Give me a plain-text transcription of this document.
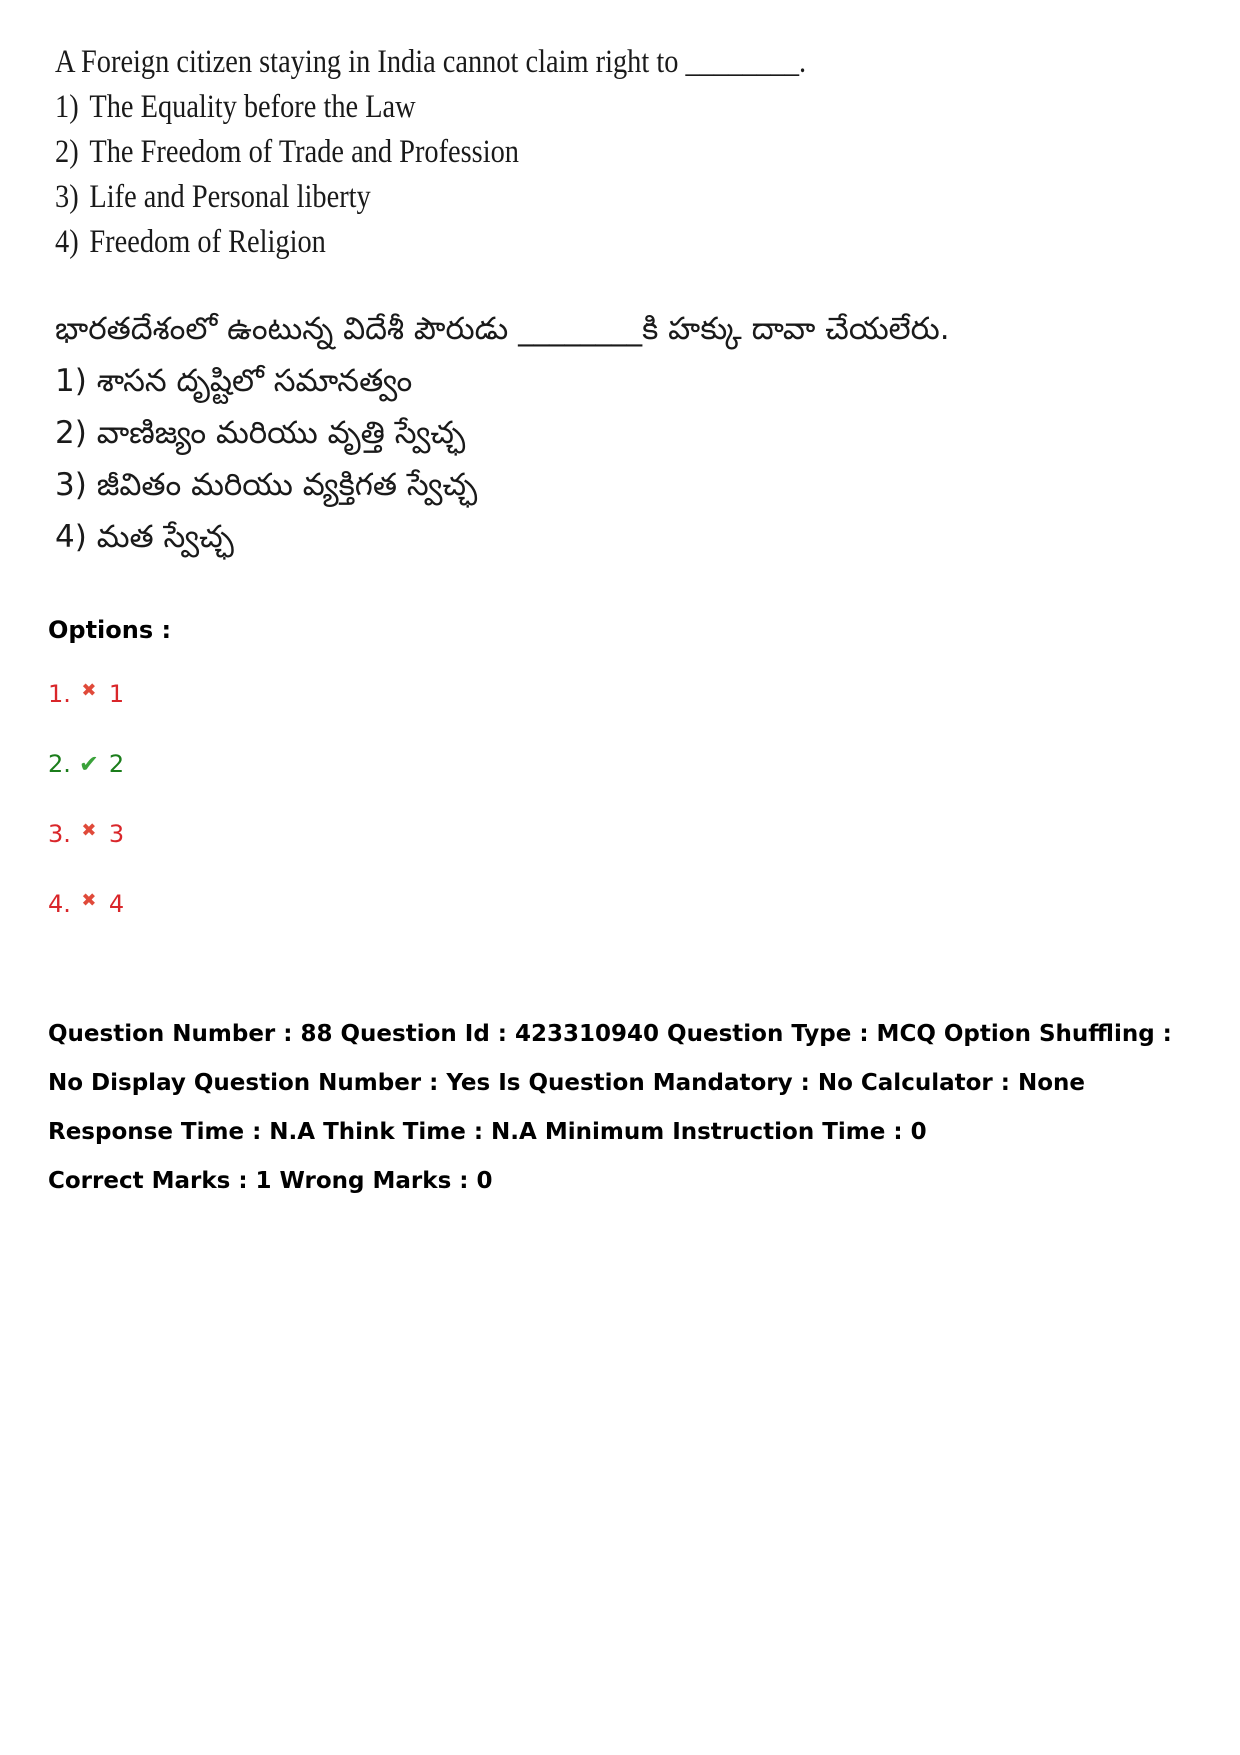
A Foreign citizen staying in India cannot claim right to ________.
1) The Equality before the Law
2) The Freedom of Trade and Profession
3) Life and Personal liberty
4) Freedom of Religion
భారతదేశంలో ఉంటున్న విదేశీ పౌరుడు ________కి హక్కు దావా చేయలేరు.
1) శాసన దృష్టిలో సమానత్వం
2) వాణిజ్యం మరియు వృత్తి స్వేచ్ఛ
3) జీవితం మరియు వ్యక్తిగత స్వేచ్ఛ
4) మత స్వేచ్ఛ
Options :
1. ✖ 1
2. ✔ 2
3. ✖ 3
4. ✖ 4
Question Number : 88 Question Id : 423310940 Question Type : MCQ Option Shuffling : No Display Question Number : Yes Is Question Mandatory : No Calculator : None Response Time : N.A Think Time : N.A Minimum Instruction Time : 0
Correct Marks : 1 Wrong Marks : 0
